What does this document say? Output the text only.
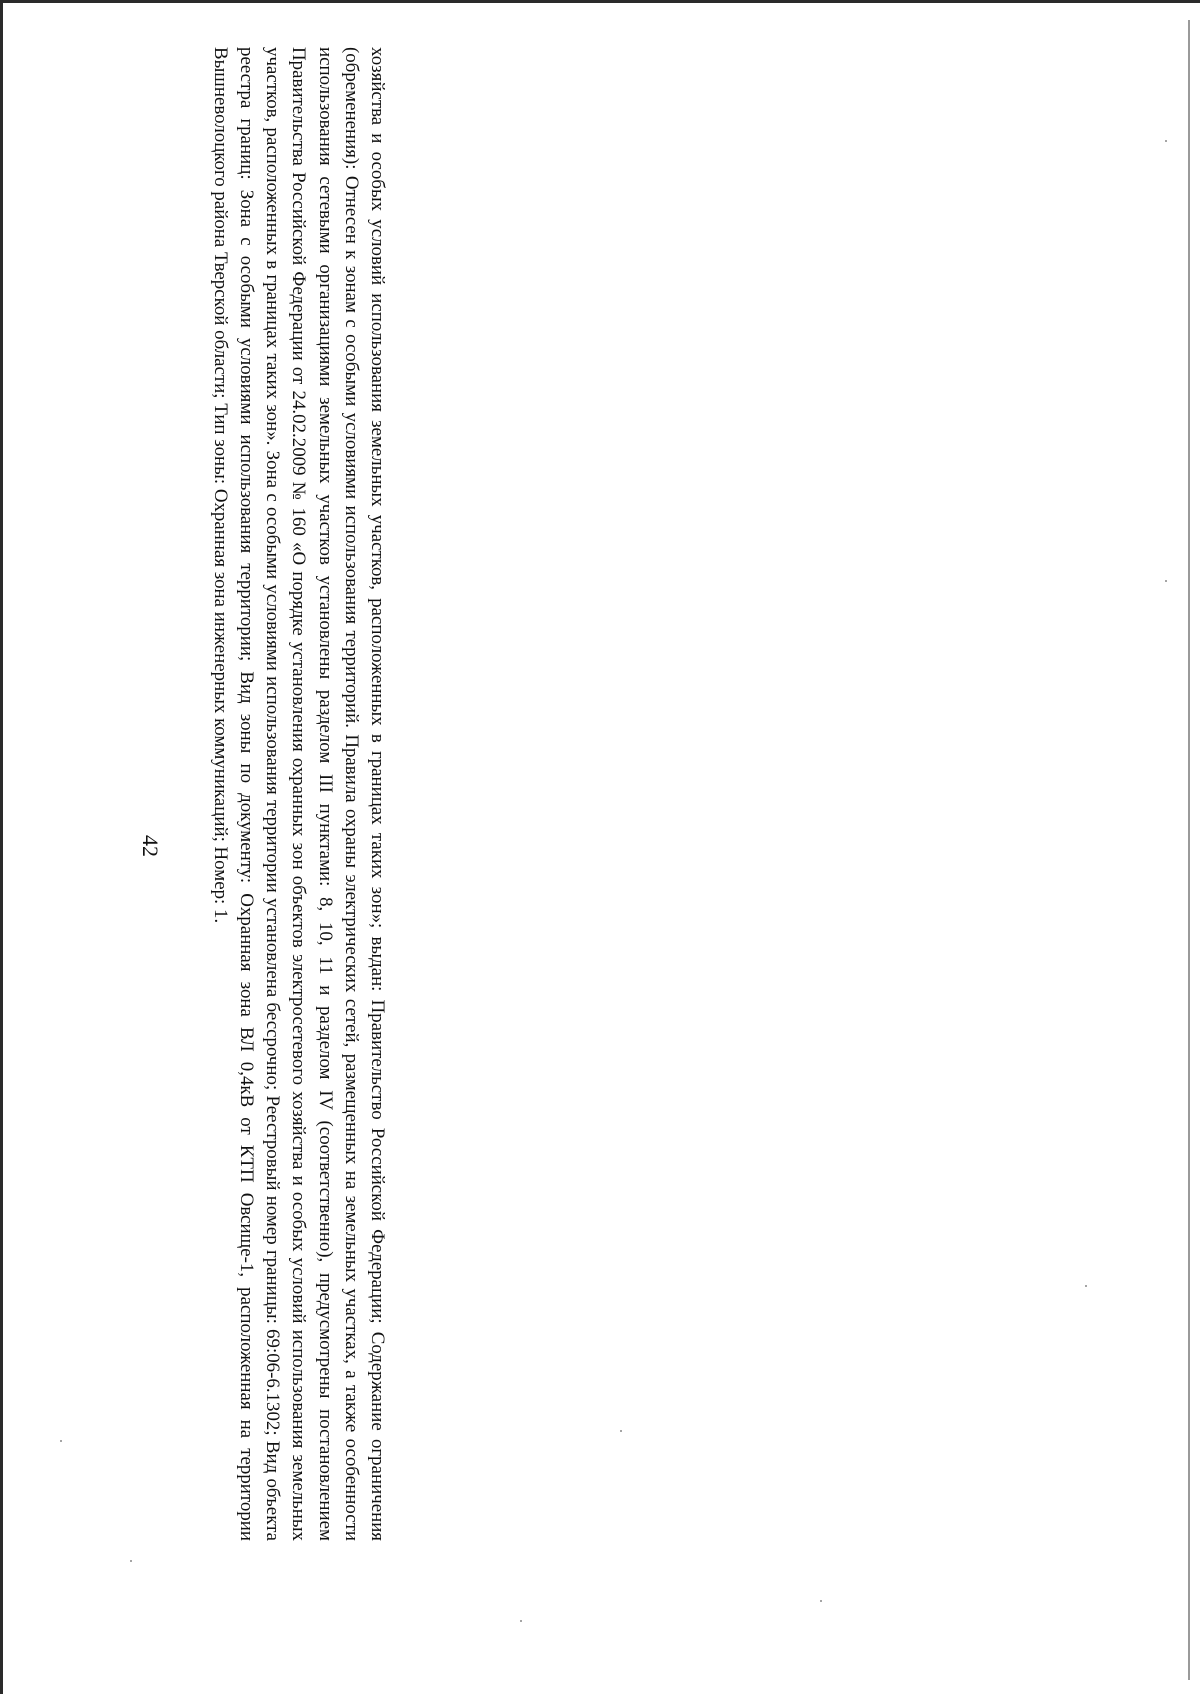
42	хозяйства и особых условий использования земельных участков, расположенных в границах таких зон»; выдан: Правительство Российской Федерации; Содержание ограничения (обременения): Отнесен к зонам с особыми условиями использования территорий. Правила охраны электрических сетей, размещенных на земельных участках, а также особенности использования сетевыми организациями земельных участков установлены разделом III пунктами: 8, 10, 11 и разделом IV (соответственно), предусмотрены постановлением Правительства Российской Федерации от 24.02.2009 № 160 «О порядке установления охранных зон объектов электросетевого хозяйства и особых условий использования земельных участков, расположенных в границах таких зон». Зона с особыми условиями использования территории установлена бессрочно; Реестровый номер границы: 69:06-6.1302; Вид объекта реестра границ: Зона с особыми условиями использования территории; Вид зоны по документу: Охранная зона ВЛ 0,4кВ от КТП Овсище-1, расположенная на территории Вышневолоцкого района Тверской области; Тип зоны: Охранная зона инженерных коммуникаций; Номер: 1.
